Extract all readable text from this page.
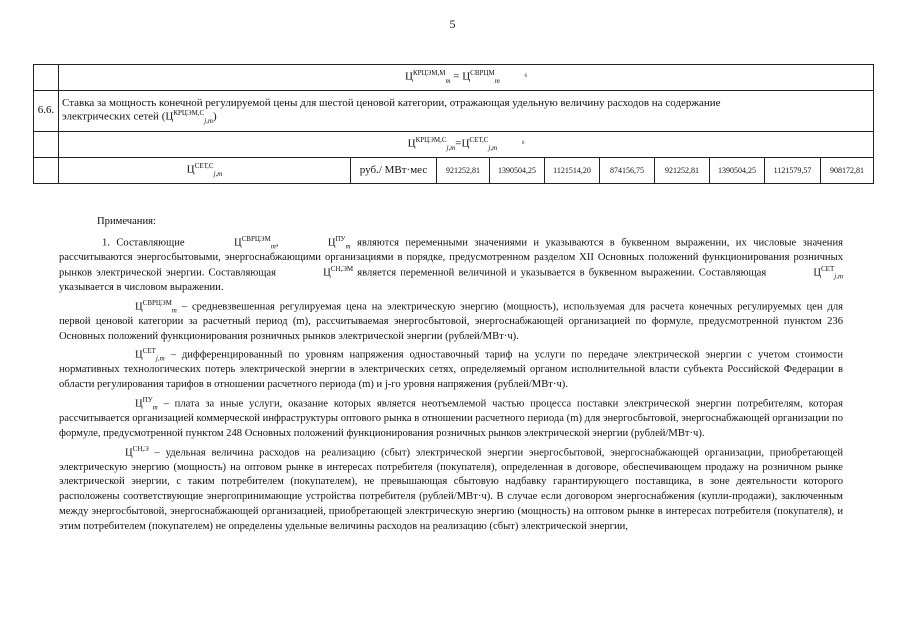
5
	$Ц^{КРЦЭМ,М}_m = Ц^{СВРЦМ}_m$ 6									
6.6.	Ставка за мощность конечной регулируемой цены для шестой ценовой категории, отражающая удельную величину расходов на содержание
электрических сетей $(Ц^{КРЦЭМ,С}_{j,m})$									
	$Ц^{КРЦЭМ,С}_{j,m}=Ц^{СЕТ,С}_{j,m}$ 6									
	$Ц^{СЕТ,С}_{j,m}$	руб./ МВт·мес	921252,81	1390504,25	1121514,20	874156,75	921252,81	1390504,25	1121579,57	908172,81

Примечания:

1. Составляющие	$Ц^{СВРЦЭМ}_m$,	$Ц^{ПУ}_m$ являются переменными значениями и указываются в буквенном выражении, их числовые значения рассчитываются энергосбытовыми, энергоснабжающими организациями в порядке, предусмотренном разделом XII Основных положений функционирования розничных рынков электрической энергии. Составляющая	$Ц^{СН,ЭМ}$ является переменной величиной и указывается в буквенном выражении. Составляющая	$Ц^{СЕТ}_{j,m}$ указывается в числовом выражении.

$Ц^{СВРЦЭМ}_m$ – средневзвешенная регулируемая цена на электрическую энергию (мощность), используемая для расчета конечных регулируемых цен для первой ценовой категории за расчетный период (m), рассчитываемая энергосбытовой, энергоснабжающей организацией по формуле, предусмотренной пунктом 236 Основных положений функционирования розничных рынков электрической энергии (рублей/МВт·ч).

$Ц^{СЕТ}_{j,m}$ – дифференцированный по уровням напряжения одноставочный тариф на услуги по передаче электрической энергии с учетом стоимости нормативных технологических потерь электрической энергии в электрических сетях, определяемый органом исполнительной власти субъекта Российской Федерации в области регулирования тарифов в отношении расчетного периода (m) и j-го уровня напряжения (рублей/МВт·ч).

$Ц^{ПУ}_m$ – плата за иные услуги, оказание которых является неотъемлемой частью процесса поставки электрической энергии потребителям, которая рассчитывается организацией коммерческой инфраструктуры оптового рынка в отношении расчетного периода (m) для энергосбытовой, энергоснабжающей организации по формуле, предусмотренной пунктом 248 Основных положений функционирования розничных рынков электрической энергии (рублей/МВт·ч).

$Ц^{СН,Э}$ – удельная величина расходов на реализацию (сбыт) электрической энергии энергосбытовой, энергоснабжающей организации, приобретающей электрическую энергию (мощность) на оптовом рынке в интересах потребителя (покупателя), определенная в договоре, обеспечивающем продажу на розничном рынке электрической энергии, с таким потребителем (покупателем), не превышающая сбытовую надбавку гарантирующего поставщика, в зоне деятельности которого расположены соответствующие энергопринимающие устройства потребителя (рублей/МВт·ч). В случае если договором энергоснабжения (купли-продажи), заключенным между энергосбытовой, энергоснабжающей организацией, приобретающей электрическую энергию (мощность) на оптовом рынке в интересах потребителя (покупателя), и этим потребителем (покупателем) не определены удельные величины расходов на реализацию (сбыт) электрической энергии,
